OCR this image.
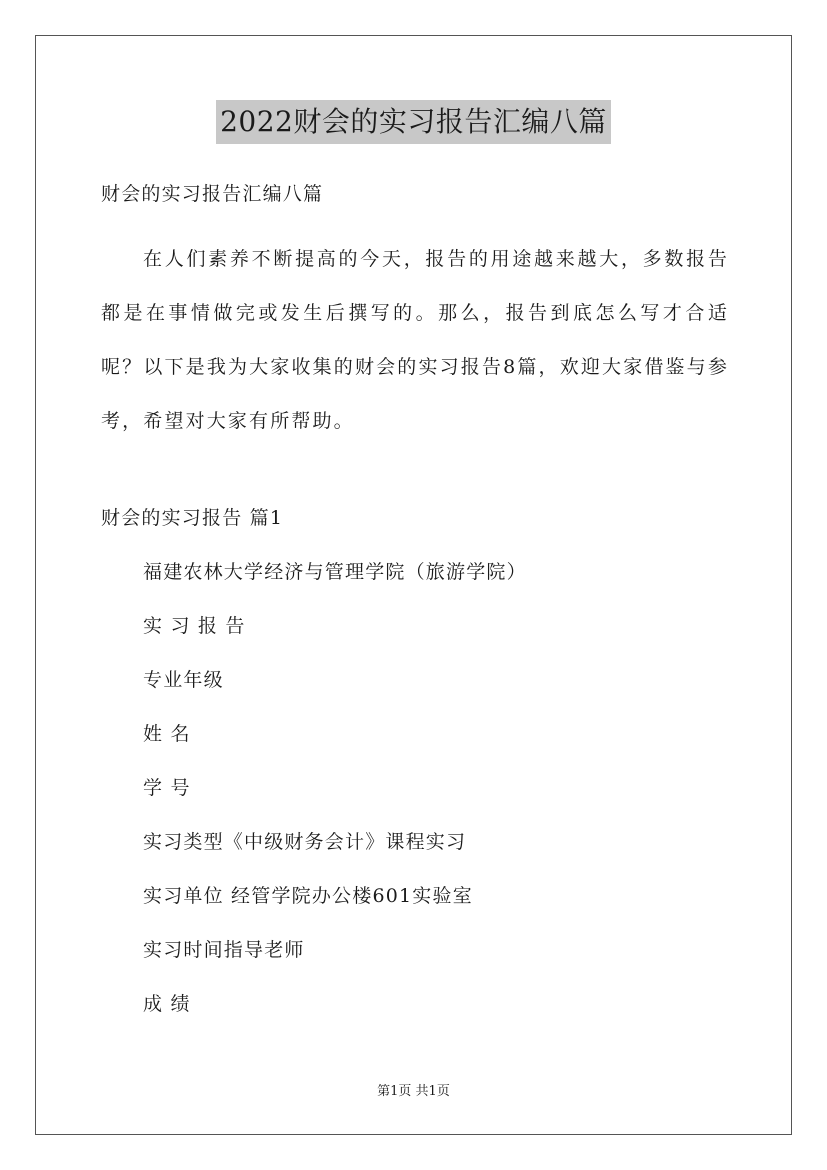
2022财会的实习报告汇编八篇
财会的实习报告汇编八篇

在人们素养不断提高的今天，报告的用途越来越大，多数报告都是在事情做完或发生后撰写的。那么，报告到底怎么写才合适呢？以下是我为大家收集的财会的实习报告8篇，欢迎大家借鉴与参考，希望对大家有所帮助。

财会的实习报告 篇1
福建农林大学经济与管理学院（旅游学院）
实 习 报 告
专业年级
姓 名
学 号
实习类型《中级财务会计》课程实习
实习单位 经管学院办公楼601实验室
实习时间指导老师
成 绩
第1页 共1页
